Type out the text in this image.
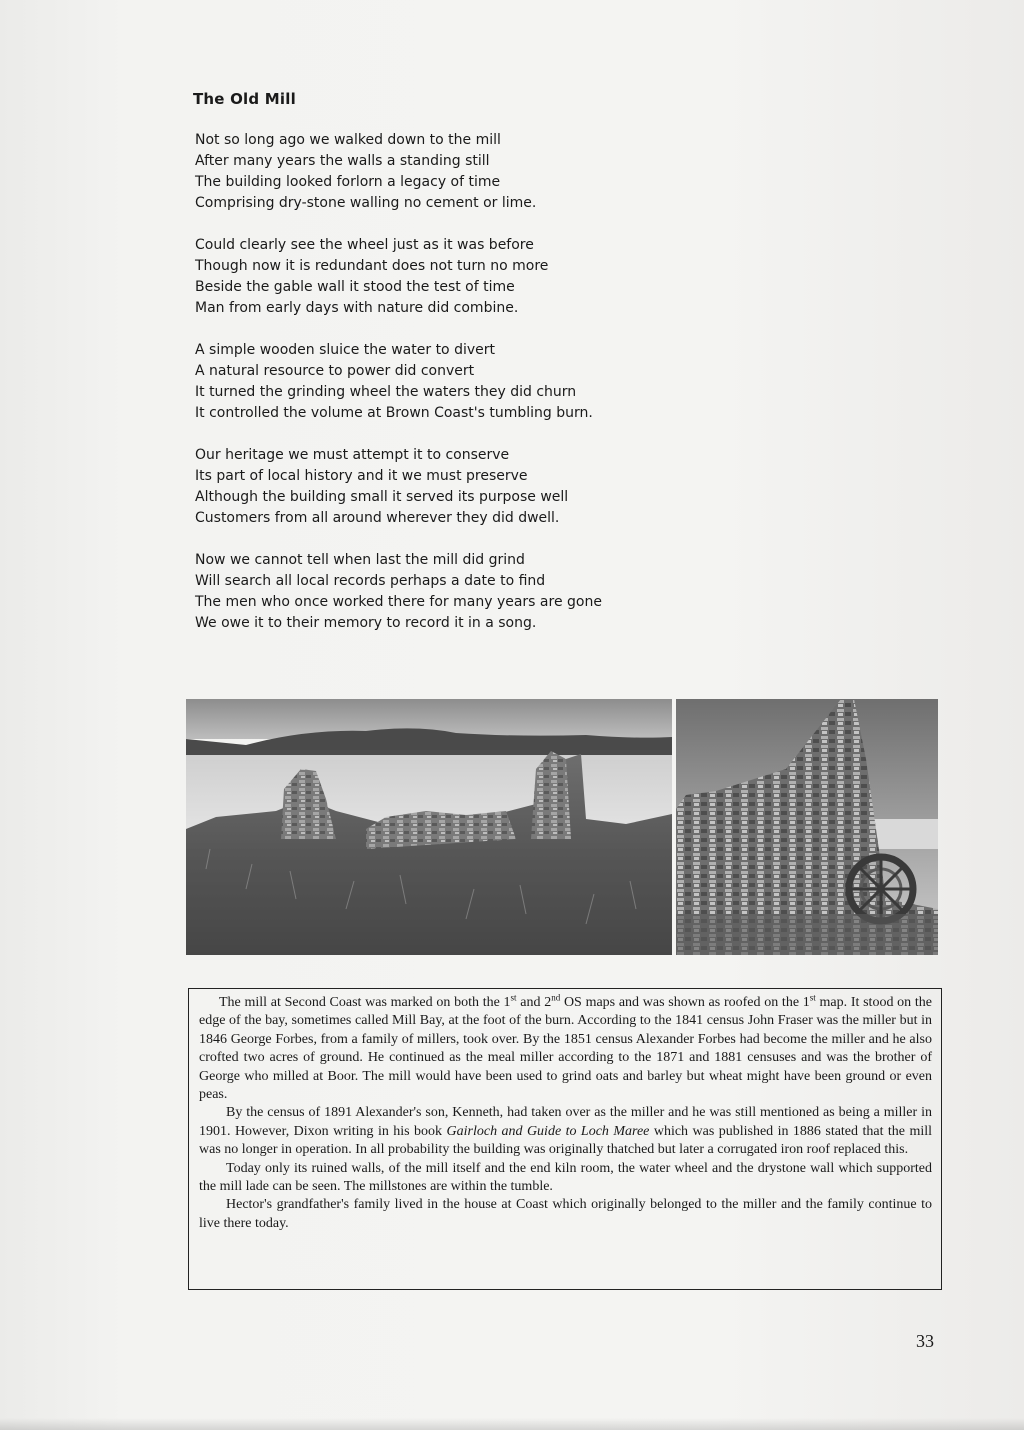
The Old Mill
Not so long ago we walked down to the mill
After many years the walls a standing still
The building looked forlorn a legacy of time
Comprising dry-stone walling no cement or lime.
Could clearly see the wheel just as it was before
Though now it is redundant does not turn no more
Beside the gable wall it stood the test of time
Man from early days with nature did combine.
A simple wooden sluice the water to divert
A natural resource to power did convert
It turned the grinding wheel the waters they did churn
It controlled the volume at Brown Coast's tumbling burn.
Our heritage we must attempt it to conserve
Its part of local history and it we must preserve
Although the building small it served its purpose well
Customers from all around wherever they did dwell.
Now we cannot tell when last the mill did grind
Will search all local records perhaps a date to find
The men who once worked there for many years are gone
We owe it to their memory to record it in a song.

The mill at Second Coast was marked on both the 1st and 2nd OS maps and was shown as roofed on the 1st map. It stood on the edge of the bay, sometimes called Mill Bay, at the foot of the burn. According to the 1841 census John Fraser was the miller but in 1846 George Forbes, from a family of millers, took over. By the 1851 census Alexander Forbes had become the miller and he also crofted two acres of ground. He continued as the meal miller according to the 1871 and 1881 censuses and was the brother of George who milled at Boor. The mill would have been used to grind oats and barley but wheat might have been ground or even peas.

By the census of 1891 Alexander's son, Kenneth, had taken over as the miller and he was still mentioned as being a miller in 1901. However, Dixon writing in his book Gairloch and Guide to Loch Maree which was published in 1886 stated that the mill was no longer in operation. In all probability the building was originally thatched but later a corrugated iron roof replaced this.

Today only its ruined walls, of the mill itself and the end kiln room, the water wheel and the drystone wall which supported the mill lade can be seen. The millstones are within the tumble.

Hector's grandfather's family lived in the house at Coast which originally belonged to the miller and the family continue to live there today.

33
